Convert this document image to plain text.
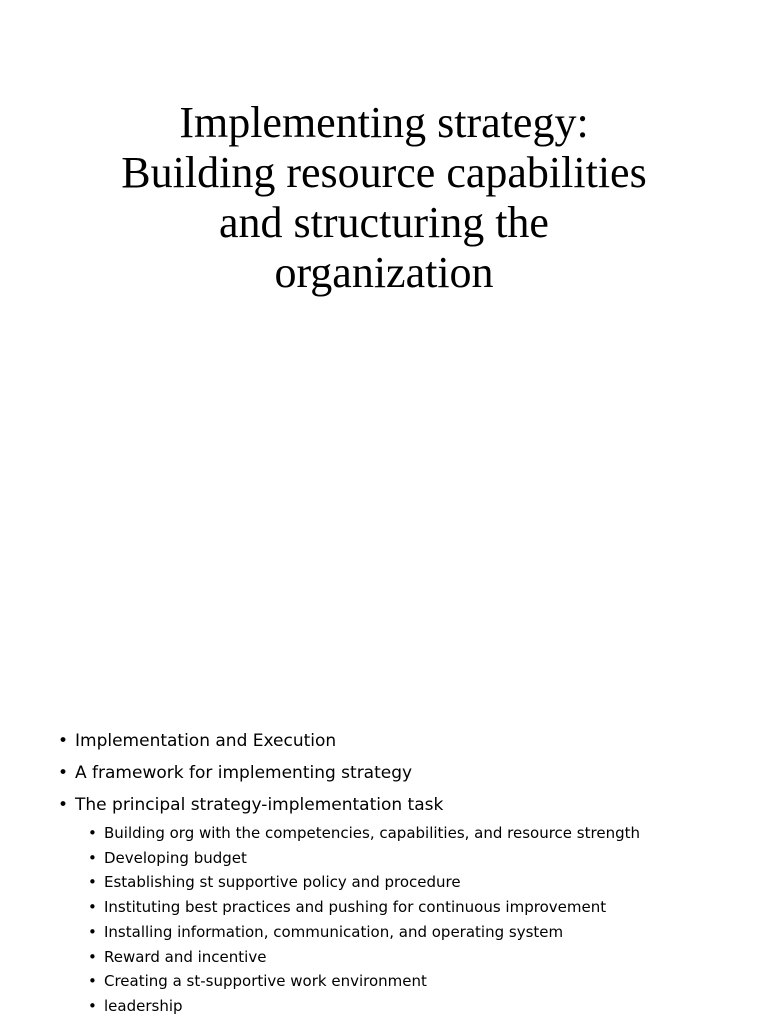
Implementing strategy:
Building resource capabilities
and structuring the
organization
• Implementation and Execution
• A framework for implementing strategy
• The principal strategy-implementation task
• Building org with the competencies, capabilities, and resource strength
• Developing budget
• Establishing st supportive policy and procedure
• Instituting best practices and pushing for continuous improvement
• Installing information, communication, and operating system
• Reward and incentive
• Creating a st-supportive work environment
• leadership
